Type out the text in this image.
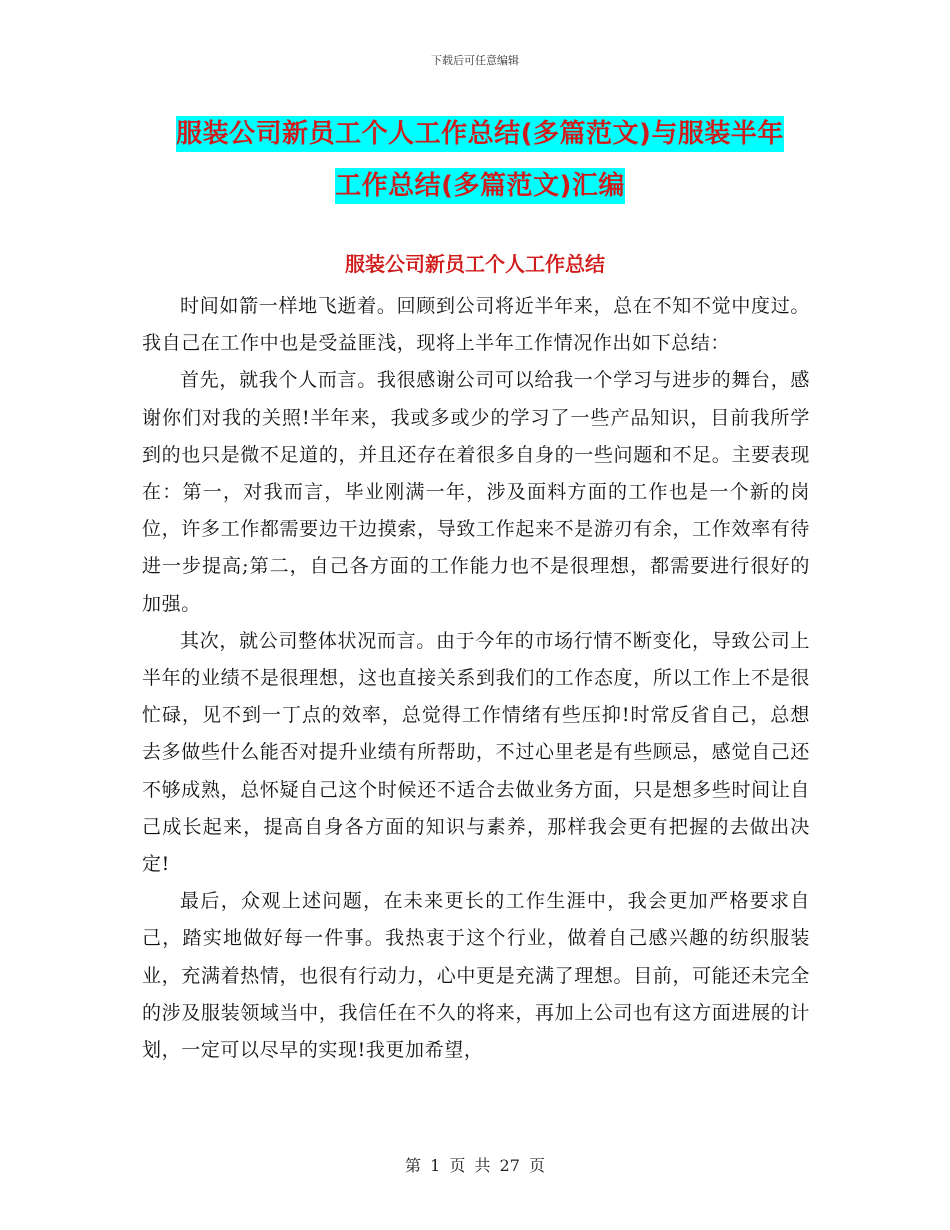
下载后可任意编辑
服装公司新员工个人工作总结(多篇范文)与服装半年
工作总结(多篇范文)汇编
服装公司新员工个人工作总结

时间如箭一样地飞逝着。回顾到公司将近半年来，总在不知不觉中度过。我自己在工作中也是受益匪浅，现将上半年工作情况作出如下总结：

首先，就我个人而言。我很感谢公司可以给我一个学习与进步的舞台，感谢你们对我的关照!半年来，我或多或少的学习了一些产品知识，目前我所学到的也只是微不足道的，并且还存在着很多自身的一些问题和不足。主要表现在：第一，对我而言，毕业刚满一年，涉及面料方面的工作也是一个新的岗位，许多工作都需要边干边摸索，导致工作起来不是游刃有余，工作效率有待进一步提高;第二，自己各方面的工作能力也不是很理想，都需要进行很好的加强。

其次，就公司整体状况而言。由于今年的市场行情不断变化，导致公司上半年的业绩不是很理想，这也直接关系到我们的工作态度，所以工作上不是很忙碌，见不到一丁点的效率，总觉得工作情绪有些压抑!时常反省自己，总想去多做些什么能否对提升业绩有所帮助，不过心里老是有些顾忌，感觉自己还不够成熟，总怀疑自己这个时候还不适合去做业务方面，只是想多些时间让自己成长起来，提高自身各方面的知识与素养，那样我会更有把握的去做出决定!

最后，众观上述问题，在未来更长的工作生涯中，我会更加严格要求自己，踏实地做好每一件事。我热衷于这个行业，做着自己感兴趣的纺织服装业，充满着热情，也很有行动力，心中更是充满了理想。目前，可能还未完全的涉及服装领域当中，我信任在不久的将来，再加上公司也有这方面进展的计划，一定可以尽早的实现!我更加希望，

第 1 页 共 27 页
